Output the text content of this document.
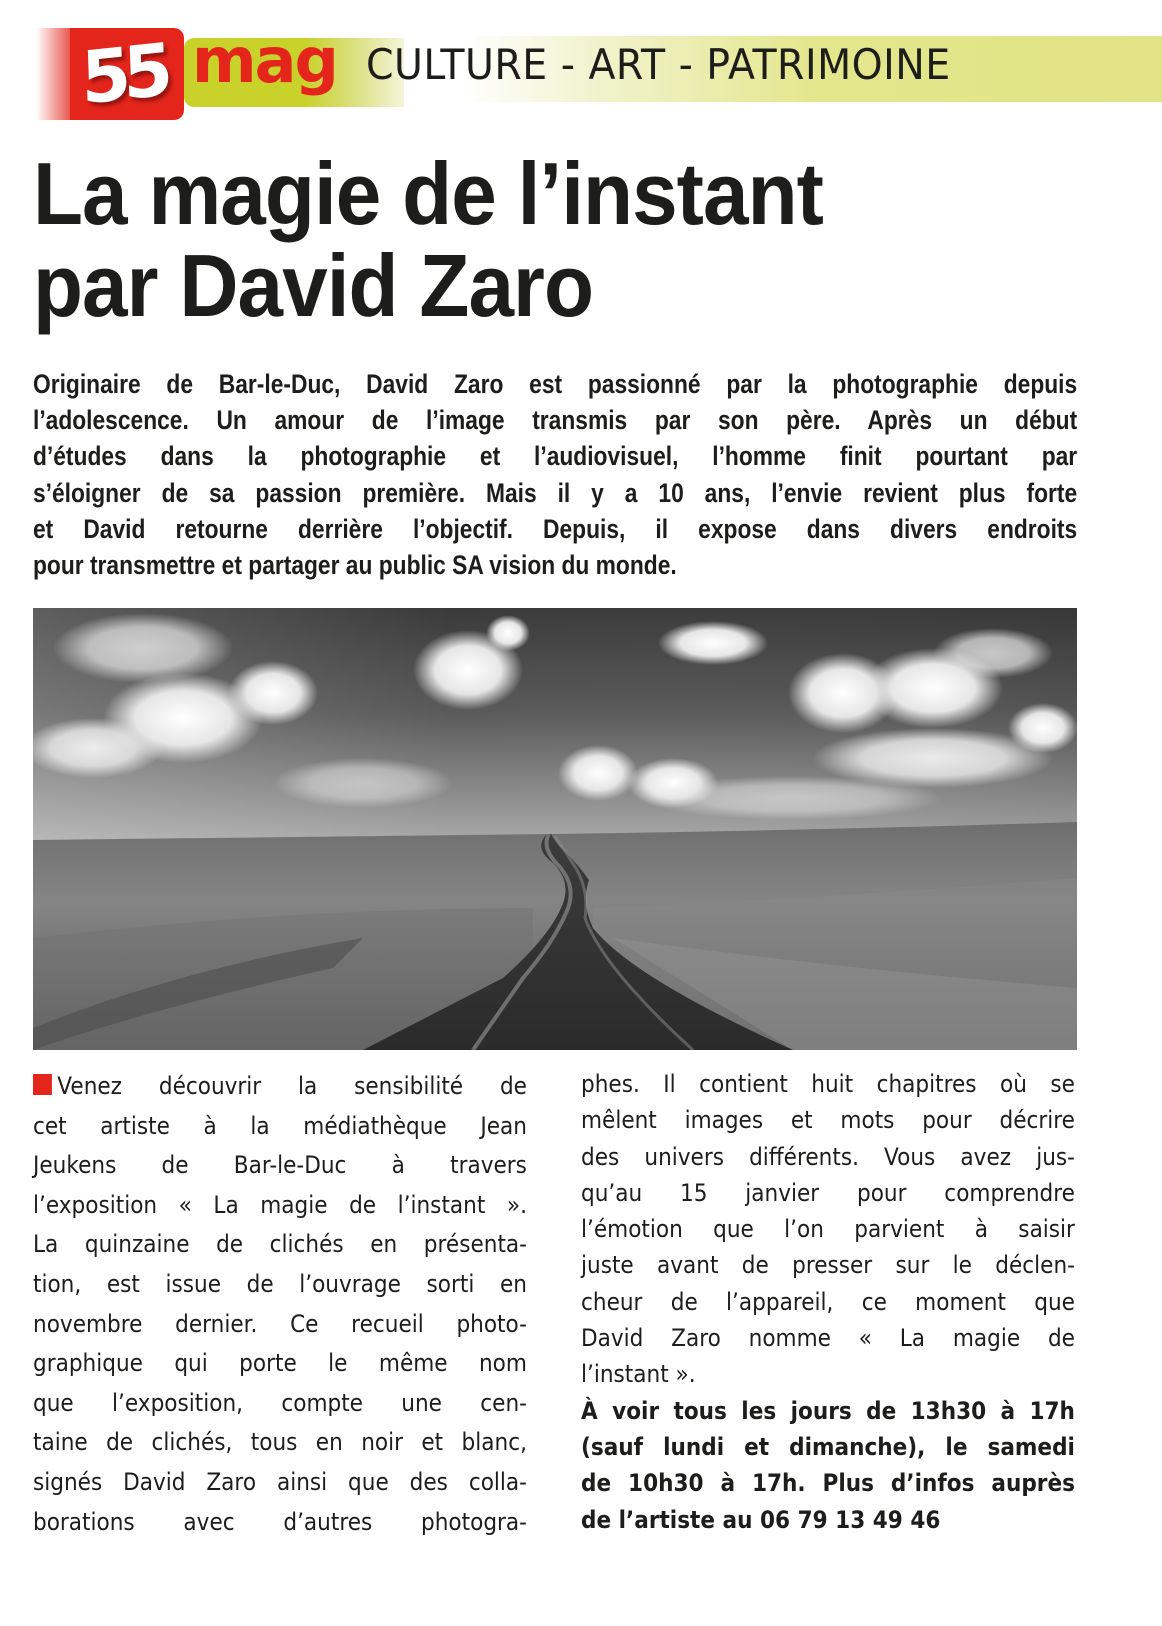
55 mag CULTURE - ART - PATRIMOINE
La magie de l’instant
par David Zaro
Originaire de Bar-le-Duc, David Zaro est passionné par la photographie depuis
l’adolescence. Un amour de l’image transmis par son père. Après un début
d’études dans la photographie et l’audiovisuel, l’homme finit pourtant par
s’éloigner de sa passion première. Mais il y a 10 ans, l’envie revient plus forte
et David retourne derrière l’objectif. Depuis, il expose dans divers endroits
pour transmettre et partager au public SA vision du monde.
Venez découvrir la sensibilité de
cet artiste à la médiathèque Jean
Jeukens de Bar-le-Duc à travers
l’exposition « La magie de l’instant ».
La quinzaine de clichés en présenta-
tion, est issue de l’ouvrage sorti en
novembre dernier. Ce recueil photo-
graphique qui porte le même nom
que l’exposition, compte une cen-
taine de clichés, tous en noir et blanc,
signés David Zaro ainsi que des colla-
borations avec d’autres photogra-
phes. Il contient huit chapitres où se
mêlent images et mots pour décrire
des univers différents. Vous avez jus-
qu’au 15 janvier pour comprendre
l’émotion que l’on parvient à saisir
juste avant de presser sur le déclen-
cheur de l’appareil, ce moment que
David Zaro nomme « La magie de
l’instant ».
À voir tous les jours de 13h30 à 17h
(sauf lundi et dimanche), le samedi
de 10h30 à 17h. Plus d’infos auprès
de l’artiste au 06 79 13 49 46
